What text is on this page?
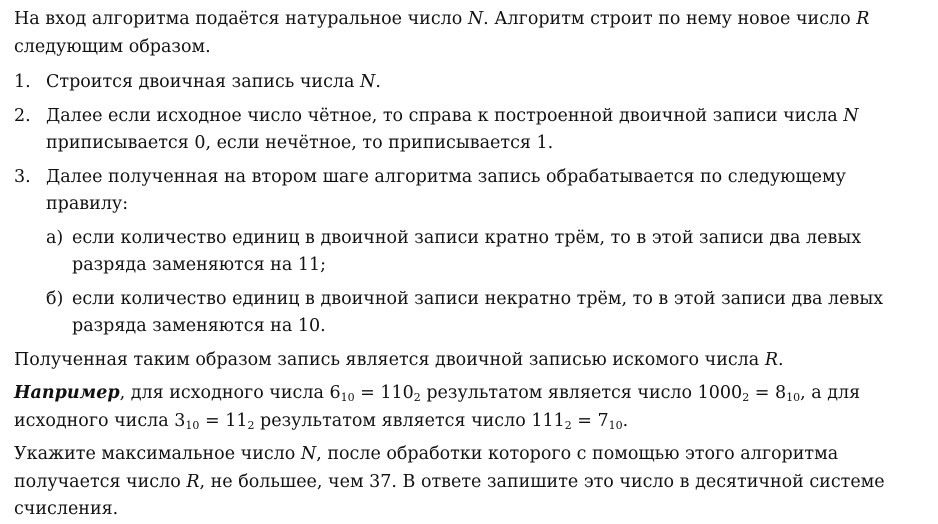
На вход алгоритма подаётся натуральное число N. Алгоритм строит по нему новое число R следующим образом.

1. Строится двоичная запись числа N.
2. Далее если исходное число чётное, то справа к построенной двоичной записи числа N приписывается 0, если нечётное, то приписывается 1.
3. Далее полученная на втором шаге алгоритма запись обрабатывается по следующему правилу:
а) если количество единиц в двоичной записи кратно трём, то в этой записи два левых разряда заменяются на 11;
б) если количество единиц в двоичной записи некратно трём, то в этой записи два левых разряда заменяются на 10.

Полученная таким образом запись является двоичной записью искомого числа R.

Например, для исходного числа $6_{10} = 110_2$ результатом является число $1000_2 = 8_{10}$, а для исходного числа $3_{10} = 11_2$ результатом является число $111_2 = 7_{10}$.

Укажите максимальное число N, после обработки которого с помощью этого алгоритма получается число R, не большее, чем 37. В ответе запишите это число в десятичной системе счисления.
